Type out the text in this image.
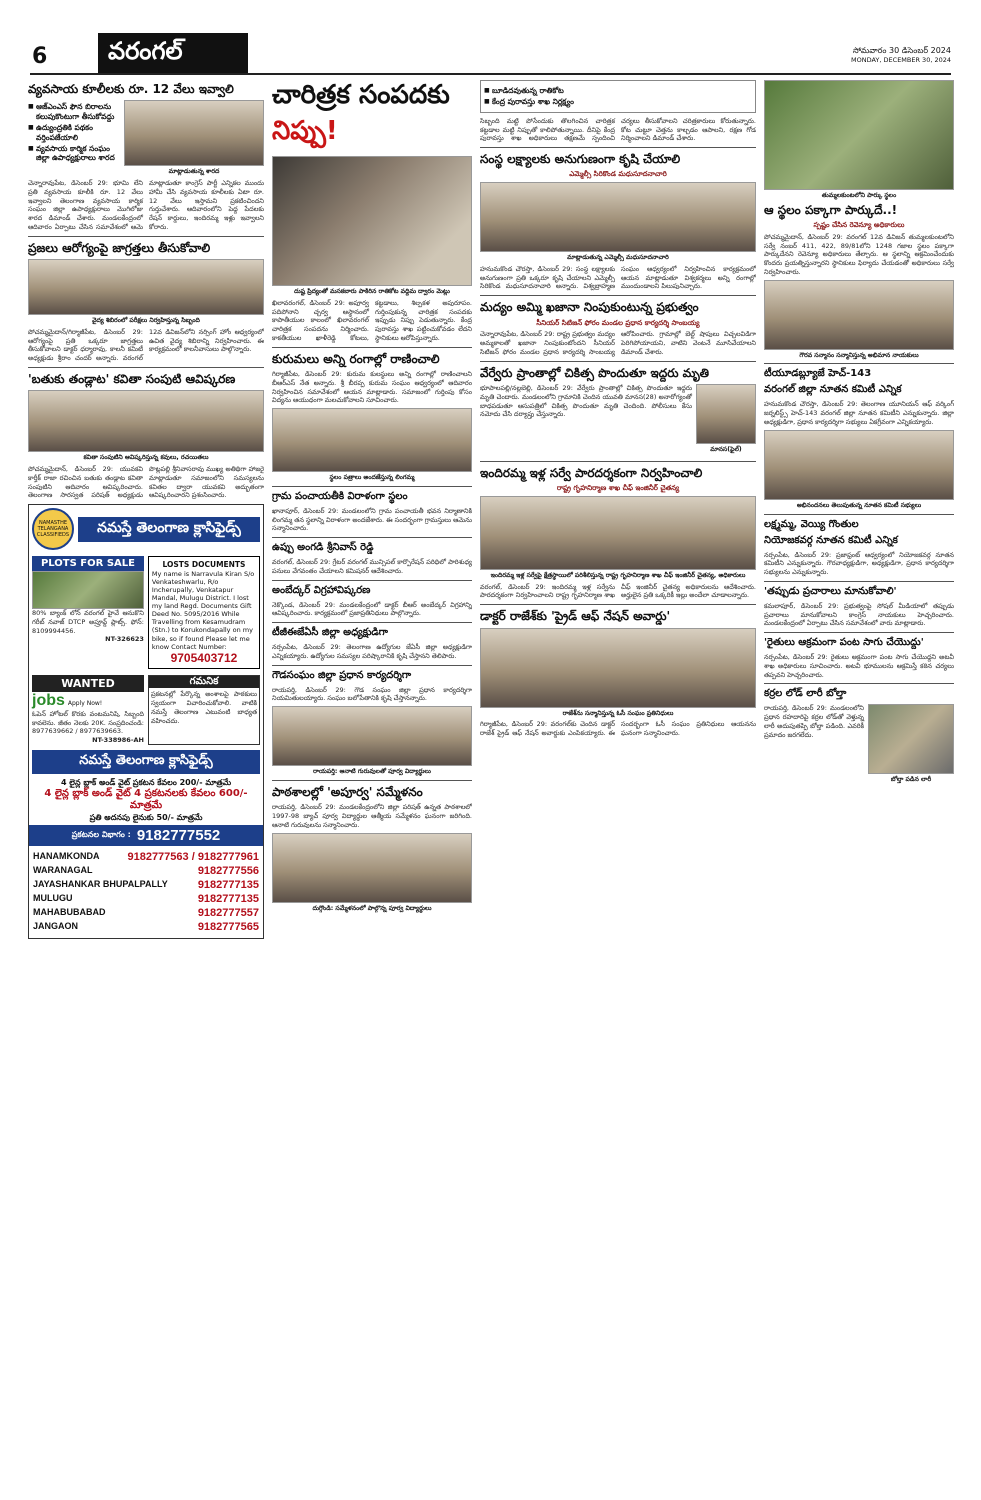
6	వరంగల్	సోమవారం 30 డిసెంబర్ 2024
MONDAY, DECEMBER 30, 2024
వ్యవసాయ కూలీలకు రూ. 12 వేలు ఇవ్వాలి
■ ఆజ్‌ఎంఎస్ ఫౌన బిరాలను కలుపుకొంటుగా తీసుకోవద్దు
■ ఉద్యుంద్రతికి పథకం వర్తింపజేయాలి
■ వ్యవసాయ కార్మిక సంఘం జిల్లా ఉపాధ్యక్షురాలు శారద
మాట్లాడుతున్న శారద
చెన్నారావుపేట, డిసెంబర్ 29: భూమి లేని ప్రతి వ్యవసాయ కూలీకి రూ. 12 వేలు ఇవ్వాలని తెలంగాణ వ్యవసాయ కార్మిక సంఘం జిల్లా ఉపాధ్యక్షురాలు మొగిలోజు శారద డిమాండ్ చేశారు. మండలకేంద్రంలో ఆదివారం ఏర్పాటు చేసిన సమావేశంలో ఆమె మాట్లాడుతూ కాంగ్రెస్ పార్టీ ఎన్నికల ముందు హామీ చేసి వ్యవసాయ కూలీలకు ఏటా రూ. 12 వేలు ఇస్తామని ప్రకటించిందని గుర్తుచేశారు. ఆదివారంలోని పెద్ద పేదలకు రేషన్ కార్డులు, ఇందిరమ్మ ఇళ్లు ఇవ్వాలని కోరారు.
ప్రజలు ఆరోగ్యంపై జాగ్రత్తలు తీసుకోవాలి
వైద్య శిబిరంలో పరీక్షలు నిర్వహిస్తున్న సిబ్బంది
పోచమ్మమైదాన్/గిర్మాజీపేట, డిసెంబర్ 29: ఆరోగ్యంపై ప్రతి ఒక్కరూ జాగ్రత్తలు తీసుకోవాలని డాక్టర్ ధర్మారావు, కాలనీ కమిటీ అధ్యక్షుడు శ్రీరాం చందర్ అన్నారు. వరంగల్ 12వ డివిజన్‌లోని నర్సింగ్ హోం ఆధ్వర్యంలో ఉచిత వైద్య శిబిరాన్ని నిర్వహించారు. ఈ కార్యక్రమంలో కాలనీవాసులు పాల్గొన్నారు.
'బతుకు తండ్లాట' కవితా సంపుటి ఆవిష్కరణ
కవితా సంపుటిని ఆవిష్కరిస్తున్న కవులు, రచయితలు
పోచమ్మమైదాన్, డిసెంబర్ 29: యువకవి కార్తీక్ రాజా రచించిన బతుకు తండ్లాట కవితా సంపుటిని ఆదివారం ఆవిష్కరించారు. తెలంగాణ సారస్వత పరిషత్ అధ్యక్షుడు పొట్లపల్లి శ్రీనివాసరావు ముఖ్య అతిథిగా హాజరై మాట్లాడుతూ సమాజంలోని సమస్యలను కవితల ద్వారా యువకవి అద్భుతంగా ఆవిష్కరించారని ప్రశంసించారు.
NAMASTHE TELANGANA CLASSIFIEDS	నమస్తే తెలంగాణ క్లాసిఫైడ్స్
PLOTS FOR SALE
80% బ్యాంక్ లోన్ వరంగల్ హైవే ఆనుకొని గరీబ్ నవాజ్ DTCP అప్రూవ్డ్ ప్లాట్స్. ఫోన్: 8109994456.
NT-326623
LOSTS DOCUMENTS
My name is Narravula Kiran S/o Venkateshwarlu, R/o Incherupally, Venkatapur Mandal, Mulugu District. I lost my land Regd. Documents Gift Deed No. 5095/2016 While Travelling from Kesamudram (Stn.) to Korukondapally on my bike, so if found Please let me know Contact Number:
9705403712
WANTED
jobs Apply Now!
ఓపెన్ హోటల్ కొరకు వంటమనిషి, సిబ్బంది కావలెను. జీతం నెలకు 20K. సంప్రదించండి: 8977639662 / 8977639663.
NT-338986-AH
గమనిక
ప్రకటనల్లో పేర్కొన్న అంశాలపై పాఠకులు స్వయంగా విచారించుకోవాలి. వాటికి నమస్తే తెలంగాణ ఎటువంటి బాధ్యత వహించదు.
నమస్తే తెలంగాణ క్లాసిఫైడ్స్
4 లైన్ల బ్లాక్ అండ్ వైట్ ప్రకటన కేవలం 200/- మాత్రమే
4 లైన్ల బ్లాక్ అండ్ వైట్ 4 ప్రకటనలకు కేవలం 600/- మాత్రమే
ప్రతి అదనపు లైనుకు 50/- మాత్రమే
ప్రకటనల విభాగం : 9182777552
HANAMKONDA	9182777563 / 9182777961
WARANAGAL	9182777556
JAYASHANKAR BHUPALPALLY	9182777135
MULUGU	9182777135
MAHABUBABAD	9182777557
JANGAON	9182777565
చారిత్రక సంపదకు నిప్పు!
దుష్ట ప్రిద్యంతో మసకబారు పాకిరిన రాతికోట వద్దిమ ద్వారం మెట్లు
ఖిలావరంగల్, డిసెంబర్ 29: అపూర్వ పదిపోనాని చ్చర్వ ఆస్థానంలో కాపాతీయుల కాలంలో ఖిలావరంగల్ చారిత్రక సంపదను నిర్మించారు. కాకతీయుల ఖాళీరెడ్డి కోటలు, కట్టడాలు, శిల్పకళ అపురూపం. గుర్తింపుకున్న చారిత్రక సంపదకు ఇప్పుడు నిప్పు పెడుతున్నారు. కేంద్ర పురావస్తు శాఖ పట్టించుకోవడం లేదని స్థానికులు ఆరోపిస్తున్నారు.
కురుమలు అన్ని రంగాల్లో రాణించాలి
గిర్మాజీపేట, డిసెంబర్ 29: కురుమ కులస్థులు అన్ని రంగాల్లో రాణించాలని బీఆర్‌ఎస్ నేత అన్నారు. శ్రీ బీరప్ప కురుమ సంఘం ఆధ్వర్యంలో ఆదివారం నిర్వహించిన సమావేశంలో ఆయన మాట్లాడారు. సమాజంలో గుర్తింపు కోసం విద్యను ఆయుధంగా మలచుకోవాలని సూచించారు.
స్థలం పత్రాలు అందజేస్తున్న లింగమ్మ
గ్రామ పంచాయతీకి విరాళంగా స్థలం
ఖానాపూర్, డిసెంబర్ 29: మండలంలోని గ్రామ పంచాయతీ భవన నిర్మాణానికి లింగమ్మ తన స్థలాన్ని విరాళంగా అందజేశారు. ఈ సందర్భంగా గ్రామస్తులు ఆమెను సన్మానించారు.
ఉప్పు అంగడి శ్రీనివాస్ రెడ్డి
వరంగల్, డిసెంబర్ 29: గ్రేటర్ వరంగల్ మున్సిపల్ కార్పొరేషన్ పరిధిలో పారిశుధ్య పనులు వేగవంతం చేయాలని కమిషనర్ ఆదేశించారు.
అంబేద్కర్ విగ్రహావిష్కరణ
నెక్కొండ, డిసెంబర్ 29: మండలకేంద్రంలో డాక్టర్ బీఆర్ అంబేద్కర్ విగ్రహాన్ని ఆవిష్కరించారు. కార్యక్రమంలో ప్రజాప్రతినిధులు పాల్గొన్నారు.
టీజీఈజేఏసీ జిల్లా అధ్యక్షుడిగా
నర్సంపేట, డిసెంబర్ 29: తెలంగాణ ఉద్యోగుల జేఏసీ జిల్లా అధ్యక్షుడిగా ఎన్నికయ్యారు. ఉద్యోగుల సమస్యల పరిష్కారానికి కృషి చేస్తానని తెలిపారు.
గౌడసంఘం జిల్లా ప్రధాన కార్యదర్శిగా
రాయపర్తి, డిసెంబర్ 29: గౌడ సంఘం జిల్లా ప్రధాన కార్యదర్శిగా నియమితులయ్యారు. సంఘం బలోపేతానికి కృషి చేస్తానన్నారు.
రాయపర్తి: ఆనాటి గురువులతో పూర్వ విద్యార్థులు
పాఠశాలల్లో 'అపూర్వ' సమ్మేళనం
రాయపర్తి, డిసెంబర్ 29: మండలకేంద్రంలోని జిల్లా పరిషత్ ఉన్నత పాఠశాలలో 1997-98 బ్యాచ్ పూర్వ విద్యార్థుల ఆత్మీయ సమ్మేళనం ఘనంగా జరిగింది. ఆనాటి గురువులను సన్మానించారు.
దుగ్గొండి: సమ్మేళనంలో పాల్గొన్న పూర్వ విద్యార్థులు
■ బూడిదవుతున్న రాతికోట
■ కేంద్ర పురావస్తు శాఖ నిర్లక్ష్యం
సిబ్బంది మట్టి పోసేందుకు తొలగించిన చారిత్రక కట్టడాల మట్టి నిప్పుతో కాలిపోతున్నాయి. దీనిపై కేంద్ర పురావస్తు శాఖ అధికారులు తక్షణమే స్పందించి చర్యలు తీసుకోవాలని చరిత్రకారులు కోరుతున్నారు. కోట చుట్టూ చెత్తను కాల్చడం ఆపాలని, రక్షణ గోడ నిర్మించాలని డిమాండ్ చేశారు.
సంస్థ లక్ష్యాలకు అనుగుణంగా కృషి చేయాలి
ఎమ్మెల్సీ సిరికొండ మధుసూదనాచారి
మాట్లాడుతున్న ఎమ్మెల్సీ మధుసూదనాచారి
హనుమకొండ చౌరస్తా, డిసెంబర్ 29: సంస్థ లక్ష్యాలకు అనుగుణంగా ప్రతి ఒక్కరూ కృషి చేయాలని ఎమ్మెల్సీ సిరికొండ మధుసూదనాచారి అన్నారు. విశ్వబ్రాహ్మణ సంఘం ఆధ్వర్యంలో నిర్వహించిన కార్యక్రమంలో ఆయన మాట్లాడుతూ విశ్వకర్మలు అన్ని రంగాల్లో ముందుండాలని పిలుపునిచ్చారు.
మద్యం అమ్మి ఖజానా నింపుకుంటున్న ప్రభుత్వం
సీనియర్ సిటిజన్ ఫోరం మండల ప్రధాన కార్యదర్శి సాంబయ్య
చెన్నారావుపేట, డిసెంబర్ 29: రాష్ట్ర ప్రభుత్వం మద్యం అమ్మకాలతో ఖజానా నింపుకుంటోందని సీనియర్ సిటిజన్ ఫోరం మండల ప్రధాన కార్యదర్శి సాంబయ్య ఆరోపించారు. గ్రామాల్లో బెల్ట్ షాపులు విచ్చలవిడిగా పెరిగిపోయాయని, వాటిని వెంటనే మూసివేయాలని డిమాండ్ చేశారు.
వేర్వేరు ప్రాంతాల్లో చికిత్స పొందుతూ ఇద్దరు మృతి
భూపాలపల్లి/నల్లబెల్లి, డిసెంబర్ 29: వేర్వేరు ప్రాంతాల్లో చికిత్స పొందుతూ ఇద్దరు మృతి చెందారు. మండలంలోని గ్రామానికి చెందిన యువతి మానస(28) అనారోగ్యంతో బాధపడుతూ ఆసుపత్రిలో చికిత్స పొందుతూ మృతి చెందింది. పోలీసులు కేసు నమోదు చేసి దర్యాప్తు చేస్తున్నారు.
మానస(ఫైల్)
ఇందిరమ్మ ఇళ్ల సర్వే పారదర్శకంగా నిర్వహించాలి
రాష్ట్ర గృహనిర్మాణ శాఖ చీఫ్ ఇంజినీర్ చైతన్య
ఇందిరమ్మ ఇళ్ల సర్వేపై క్షేత్రస్థాయిలో పరిశీలిస్తున్న రాష్ట్ర గృహనిర్మాణ శాఖ చీఫ్ ఇంజినీర్ చైతన్య, అధికారులు
వరంగల్, డిసెంబర్ 29: ఇందిరమ్మ ఇళ్ల సర్వేను పారదర్శకంగా నిర్వహించాలని రాష్ట్ర గృహనిర్మాణ శాఖ చీఫ్ ఇంజినీర్ చైతన్య అధికారులను ఆదేశించారు. అర్హులైన ప్రతి ఒక్కరికీ ఇల్లు అందేలా చూడాలన్నారు.
డాక్టర్ రాజేశ్‌కు 'ప్రైడ్ ఆఫ్ నేషన్ అవార్డు'
రాజేశ్‌ను సన్మానిస్తున్న ఓసీ సంఘం ప్రతినిధులు
గిర్మాజీపేట, డిసెంబర్ 29: వరంగల్‌కు చెందిన డాక్టర్ రాజేశ్ ప్రైడ్ ఆఫ్ నేషన్ అవార్డుకు ఎంపికయ్యారు. ఈ సందర్భంగా ఓసీ సంఘం ప్రతినిధులు ఆయనను ఘనంగా సన్మానించారు.
తుమ్మలకుంటలోని పార్కు స్థలం
ఆ స్థలం పక్కాగా పార్కుదే..!
స్పష్టం చేసిన రెవెన్యూ అధికారులు
పోచమ్మమైదాన్, డిసెంబర్ 29: వరంగల్ 12వ డివిజన్ తుమ్మలకుంటలోని సర్వే నంబర్ 411, 422, 89/81లోని 1248 గజాల స్థలం పక్కాగా పార్కుదేనని రెవెన్యూ అధికారులు తేల్చారు. ఆ స్థలాన్ని ఆక్రమించేందుకు కొందరు ప్రయత్నిస్తున్నారని స్థానికులు ఫిర్యాదు చేయడంతో అధికారులు సర్వే నిర్వహించారు.
గౌరవ సన్మానం సన్మానిస్తున్న అభిమాన నాయకులు
టీయూడబ్ల్యూజే హెచ్-143
వరంగల్ జిల్లా నూతన కమిటీ ఎన్నిక
హనుమకొండ చౌరస్తా, డిసెంబర్ 29: తెలంగాణ యూనియన్ ఆఫ్ వర్కింగ్ జర్నలిస్ట్స్ హెచ్-143 వరంగల్ జిల్లా నూతన కమిటీని ఎన్నుకున్నారు. జిల్లా అధ్యక్షుడిగా, ప్రధాన కార్యదర్శిగా సభ్యులు ఏకగ్రీవంగా ఎన్నికయ్యారు.
అభినందనలు తెలుపుతున్న నూతన కమిటీ సభ్యులు
లక్ష్మమ్మ, వెయ్యి గొంతుల
నియోజకవర్గ నూతన కమిటీ ఎన్నిక
నర్సంపేట, డిసెంబర్ 29: ప్రజాఫ్రంట్ ఆధ్వర్యంలో నియోజకవర్గ నూతన కమిటీని ఎన్నుకున్నారు. గౌరవాధ్యక్షుడిగా, అధ్యక్షుడిగా, ప్రధాన కార్యదర్శిగా సభ్యులను ఎన్నుకున్నారు.
'తప్పుడు ప్రచారాలు మానుకోవాలి'
కమలాపూర్, డిసెంబర్ 29: ప్రభుత్వంపై సోషల్ మీడియాలో తప్పుడు ప్రచారాలు మానుకోవాలని కాంగ్రెస్ నాయకులు హెచ్చరించారు. మండలకేంద్రంలో ఏర్పాటు చేసిన సమావేశంలో వారు మాట్లాడారు.
'రైతులు ఆక్రమంగా పంట సాగు చేయొద్దు'
నర్సంపేట, డిసెంబర్ 29: రైతులు అక్రమంగా పంట సాగు చేయొద్దని అటవీ శాఖ అధికారులు సూచించారు. అటవీ భూములను ఆక్రమిస్తే కఠిన చర్యలు తప్పవని హెచ్చరించారు.
కర్రల లోడ్ లారీ బోల్తా
రాయపర్తి, డిసెంబర్ 29: మండలంలోని ప్రధాన రహదారిపై కర్రల లోడ్‌తో వెళ్తున్న లారీ అదుపుతప్పి బోల్తా పడింది. ఎవరికీ ప్రమాదం జరగలేదు.
బోల్తా పడిన లారీ
